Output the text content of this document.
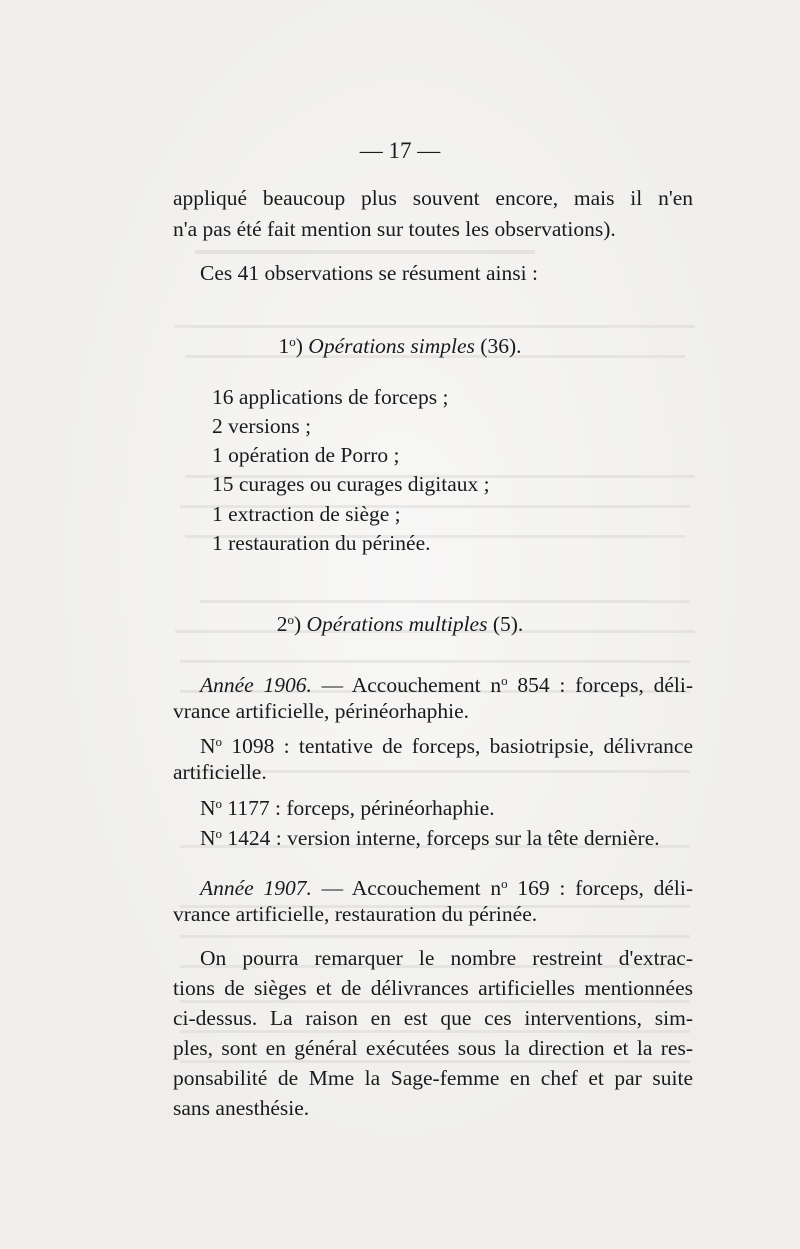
— 17 —
appliqué beaucoup plus souvent encore, mais il n'en
n'a pas été fait mention sur toutes les observations).
Ces 41 observations se résument ainsi :
1$^o$) Opérations simples (36).
16 applications de forceps ;
2 versions ;
1 opération de Porro ;
15 curages ou curages digitaux ;
1 extraction de siège ;
1 restauration du périnée.
2$^o$) Opérations multiples (5).
Année 1906. — Accouchement $n^o$ 854 : forceps, déli-
vrance artificielle, périnéorhaphie.
$N^o$ 1098 : tentative de forceps, basiotripsie, délivrance
artificielle.
$N^o$ 1177 : forceps, périnéorhaphie.
$N^o$ 1424 : version interne, forceps sur la tête dernière.
Année 1907. — Accouchement $n^o$ 169 : forceps, déli-
vrance artificielle, restauration du périnée.
On pourra remarquer le nombre restreint d'extrac-
tions de sièges et de délivrances artificielles mentionnées
ci-dessus. La raison en est que ces interventions, sim-
ples, sont en général exécutées sous la direction et la res-
ponsabilité de Mme la Sage-femme en chef et par suite
sans anesthésie.
